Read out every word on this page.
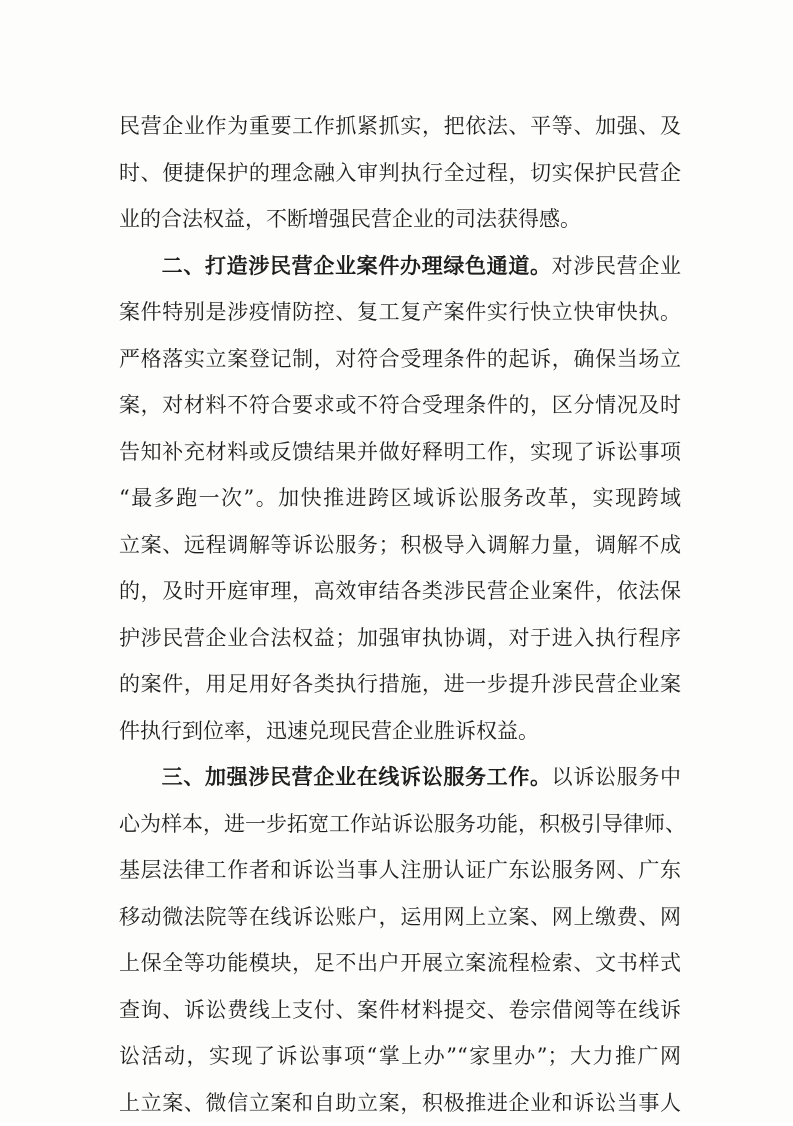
民营企业作为重要工作抓紧抓实，把依法、平等、加强、及
时、便捷保护的理念融入审判执行全过程，切实保护民营企
业的合法权益，不断增强民营企业的司法获得感。
二、打造涉民营企业案件办理绿色通道。对涉民营企业
案件特别是涉疫情防控、复工复产案件实行快立快审快执。
严格落实立案登记制，对符合受理条件的起诉，确保当场立
案，对材料不符合要求或不符合受理条件的，区分情况及时
告知补充材料或反馈结果并做好释明工作，实现了诉讼事项
“最多跑一次”。加快推进跨区域诉讼服务改革，实现跨域
立案、远程调解等诉讼服务；积极导入调解力量，调解不成
的，及时开庭审理，高效审结各类涉民营企业案件，依法保
护涉民营企业合法权益；加强审执协调，对于进入执行程序
的案件，用足用好各类执行措施，进一步提升涉民营企业案
件执行到位率，迅速兑现民营企业胜诉权益。
三、加强涉民营企业在线诉讼服务工作。以诉讼服务中
心为样本，进一步拓宽工作站诉讼服务功能，积极引导律师、
基层法律工作者和诉讼当事人注册认证广东讼服务网、广东
移动微法院等在线诉讼账户，运用网上立案、网上缴费、网
上保全等功能模块，足不出户开展立案流程检索、文书样式
查询、诉讼费线上支付、案件材料提交、卷宗借阅等在线诉
讼活动，实现了诉讼事项“掌上办”“家里办”；大力推广网
上立案、微信立案和自助立案，积极推进企业和诉讼当事人
